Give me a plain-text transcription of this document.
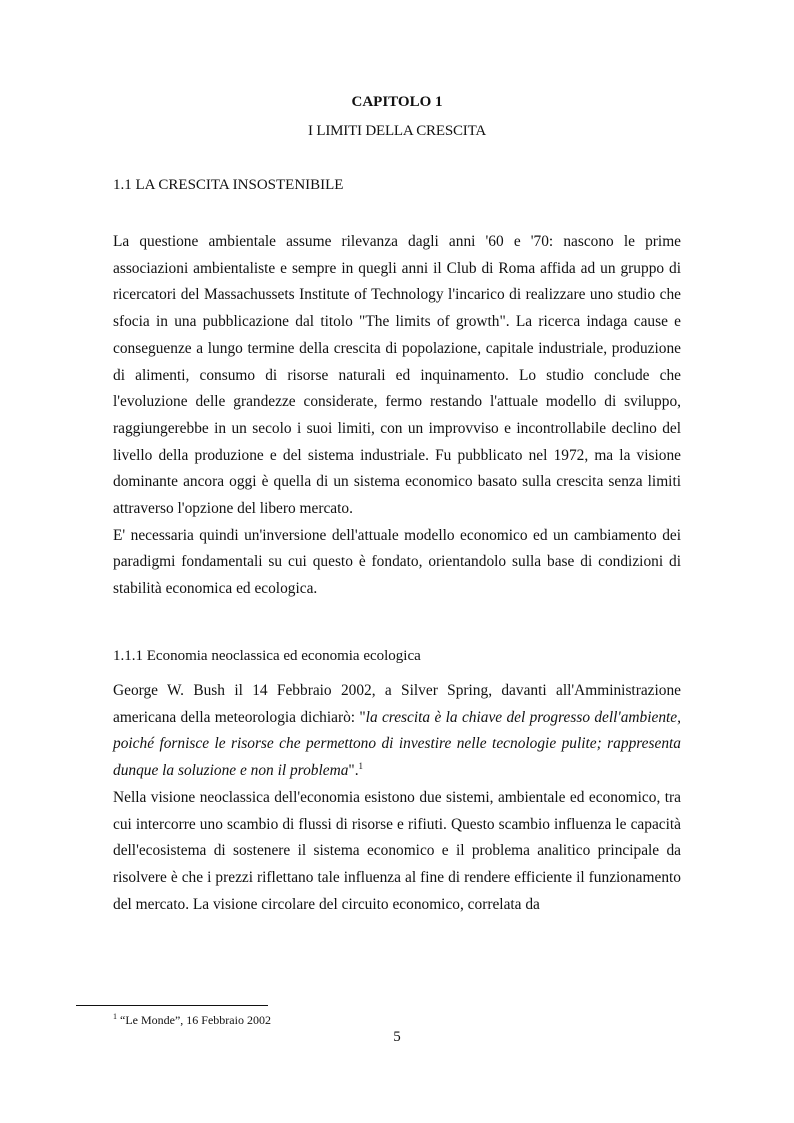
CAPITOLO 1
I LIMITI DELLA CRESCITA
1.1 LA CRESCITA INSOSTENIBILE

La questione ambientale assume rilevanza dagli anni '60 e '70: nascono le prime associazioni ambientaliste e sempre in quegli anni il Club di Roma affida ad un gruppo di ricercatori del Massachussets Institute of Technology l'incarico di realizzare uno studio che sfocia in una pubblicazione dal titolo "The limits of growth". La ricerca indaga cause e conseguenze a lungo termine della crescita di popolazione, capitale industriale, produzione di alimenti, consumo di risorse naturali ed inquinamento. Lo studio conclude che l'evoluzione delle grandezze considerate, fermo restando l'attuale modello di sviluppo, raggiungerebbe in un secolo i suoi limiti, con un improvviso e incontrollabile declino del livello della produzione e del sistema industriale. Fu pubblicato nel 1972, ma la visione dominante ancora oggi è quella di un sistema economico basato sulla crescita senza limiti attraverso l'opzione del libero mercato.

E' necessaria quindi un'inversione dell'attuale modello economico ed un cambiamento dei paradigmi fondamentali su cui questo è fondato, orientandolo sulla base di condizioni di stabilità economica ed ecologica.

1.1.1 Economia neoclassica ed economia ecologica

George W. Bush il 14 Febbraio 2002, a Silver Spring, davanti all'Amministrazione americana della meteorologia dichiarò: "la crescita è la chiave del progresso dell'ambiente, poiché fornisce le risorse che permettono di investire nelle tecnologie pulite; rappresenta dunque la soluzione e non il problema".$^1$

Nella visione neoclassica dell'economia esistono due sistemi, ambientale ed economico, tra cui intercorre uno scambio di flussi di risorse e rifiuti. Questo scambio influenza le capacità dell'ecosistema di sostenere il sistema economico e il problema analitico principale da risolvere è che i prezzi riflettano tale influenza al fine di rendere efficiente il funzionamento del mercato. La visione circolare del circuito economico, correlata da

$^1$ “Le Monde”, 16 Febbraio 2002
5
